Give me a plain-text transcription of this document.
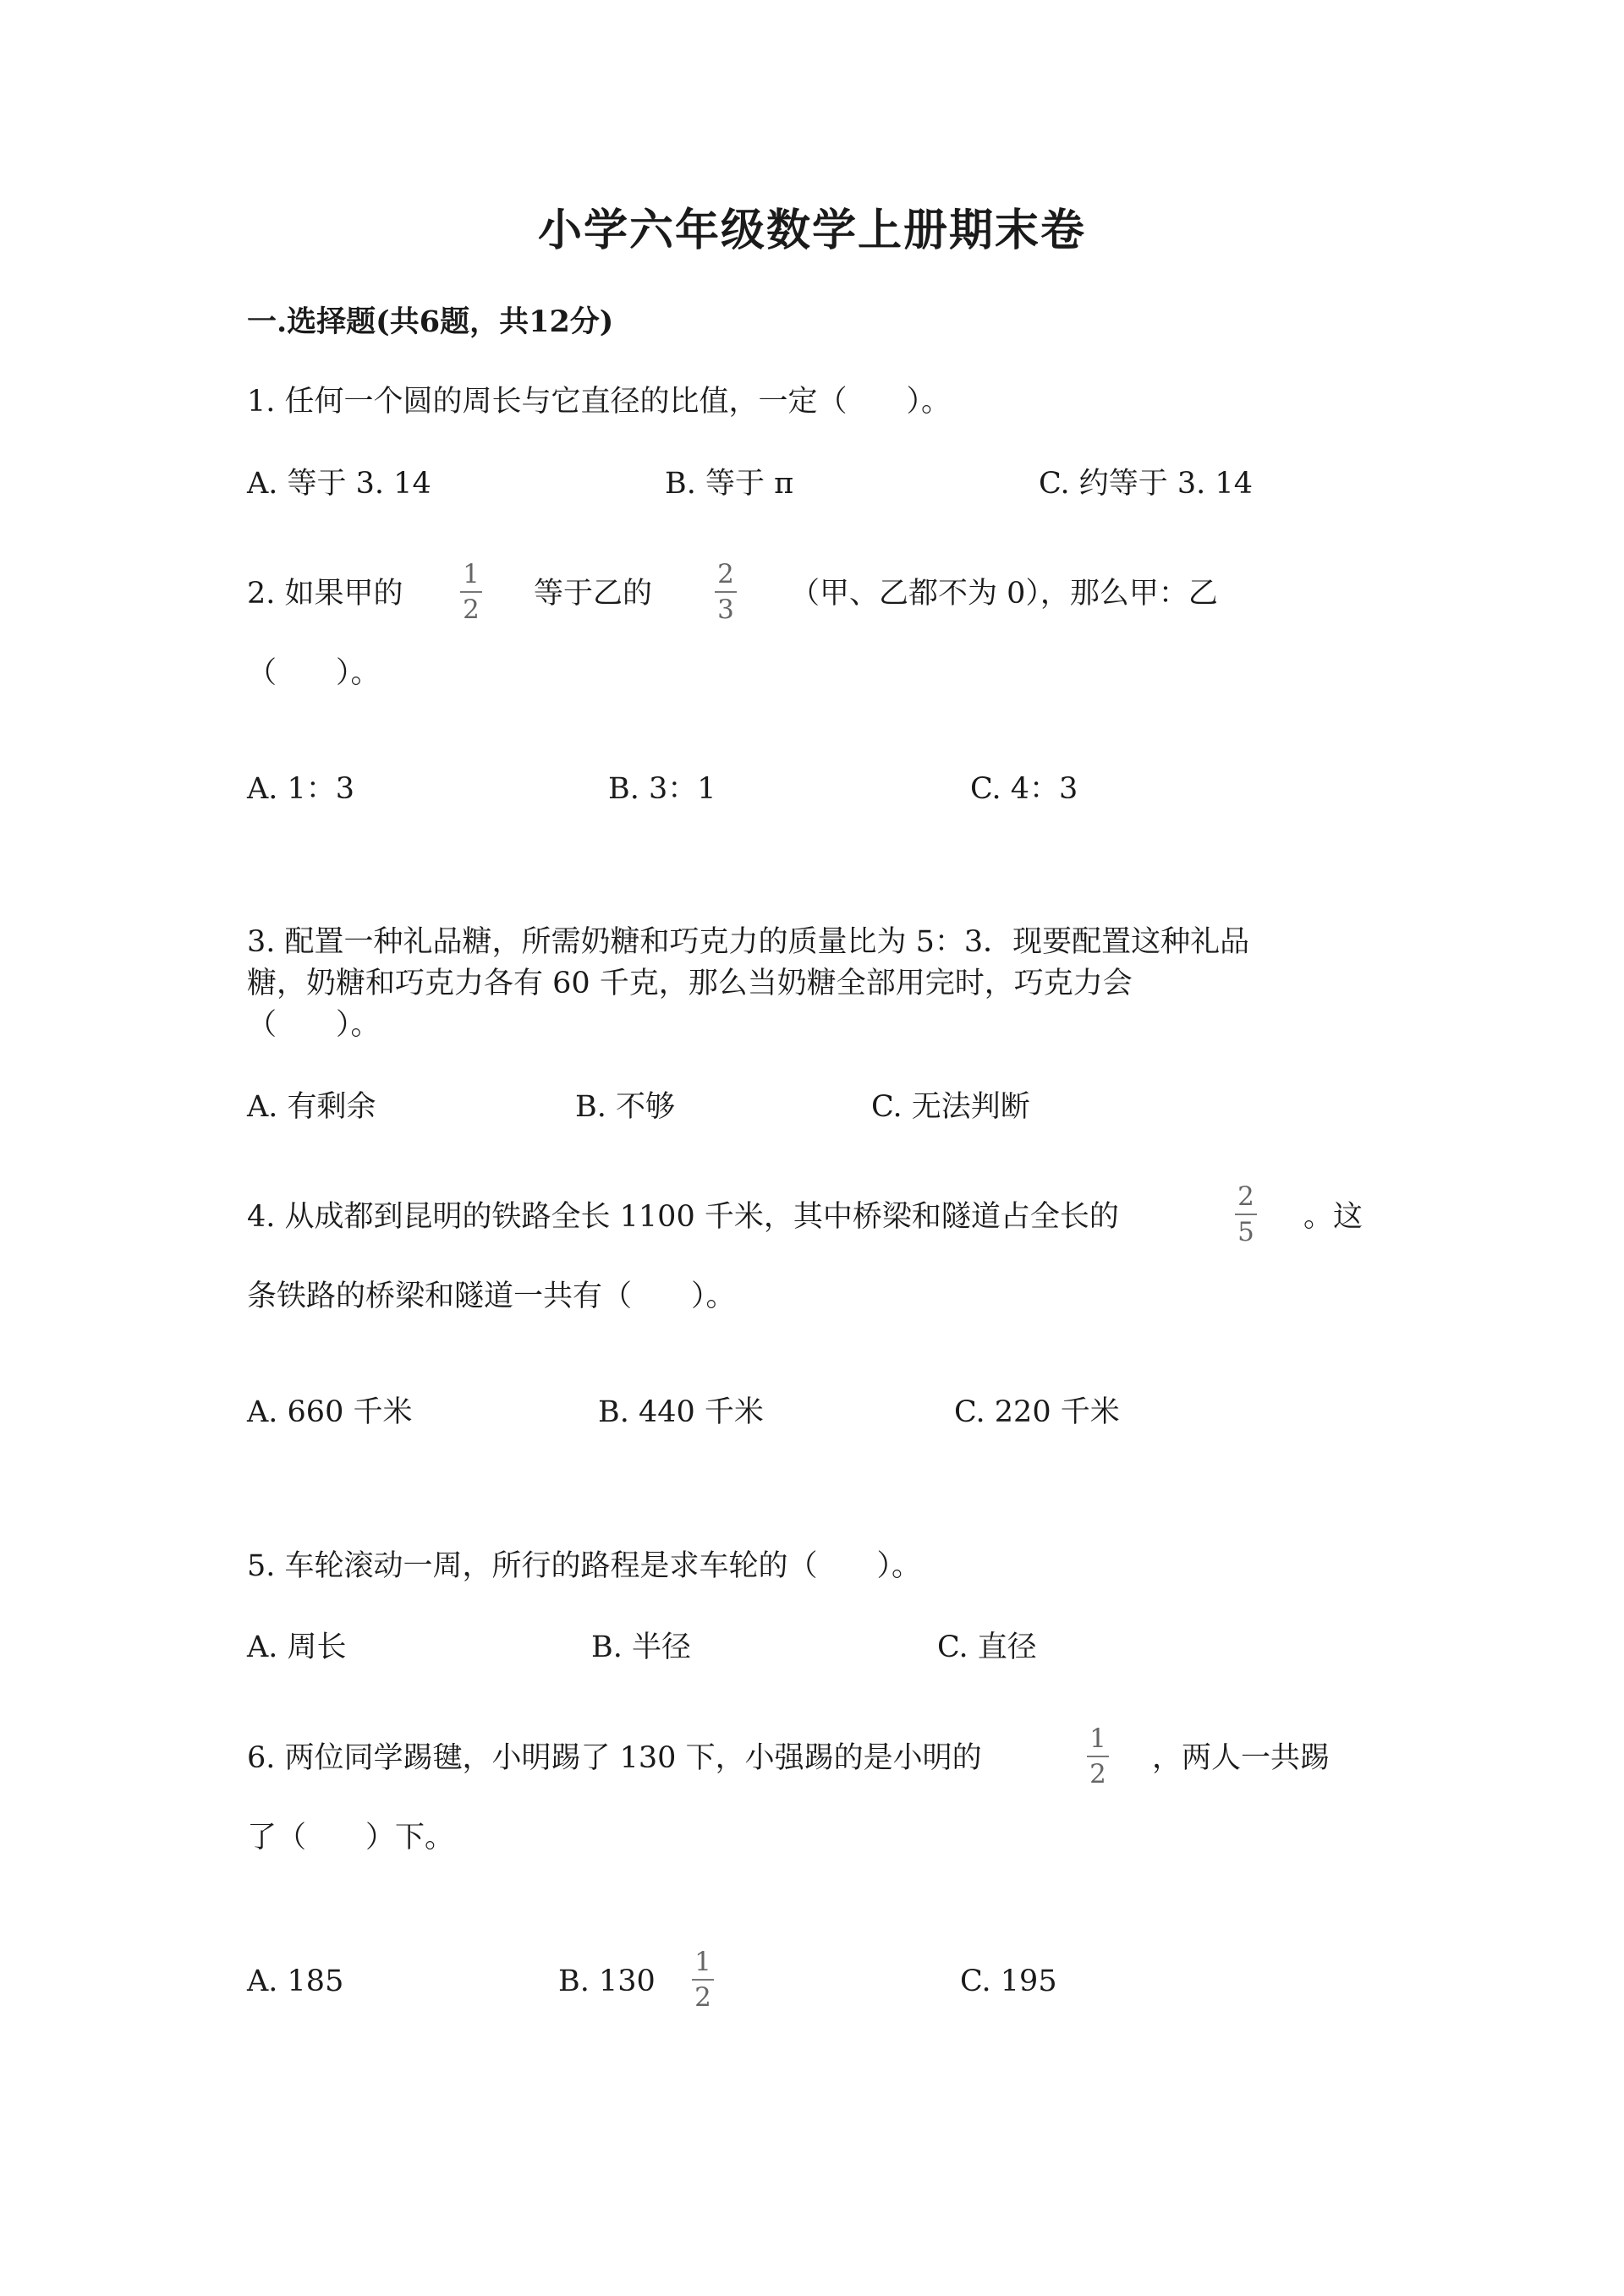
小学六年级数学上册期末卷
一.选择题(共6题，共12分)
1. 任何一个圆的周长与它直径的比值，一定（　　）。
A. 等于 3. 14	B. 等于 π	C. 约等于 3. 14
2. 如果甲的
1
2 等于乙的
2
3 （甲、乙都不为 0），那么甲：乙
（　　）。
A. 1：3	B. 3：1	C. 4：3
3. 配置一种礼品糖，所需奶糖和巧克力的质量比为 5：3．现要配置这种礼品
糖，奶糖和巧克力各有 60 千克，那么当奶糖全部用完时，巧克力会
（　　）。
A. 有剩余	B. 不够	C. 无法判断
4. 从成都到昆明的铁路全长 1100 千米，其中桥梁和隧道占全长的
2
5 。这
条铁路的桥梁和隧道一共有（　　）。
A. 660 千米	B. 440 千米	C. 220 千米
5. 车轮滚动一周，所行的路程是求车轮的（　　）。
A. 周长	B. 半径	C. 直径
6. 两位同学踢毽，小明踢了 130 下，小强踢的是小明的
1
2 ，两人一共踢
了（　　）下。
A. 185	B. 130
1
2	C. 195
